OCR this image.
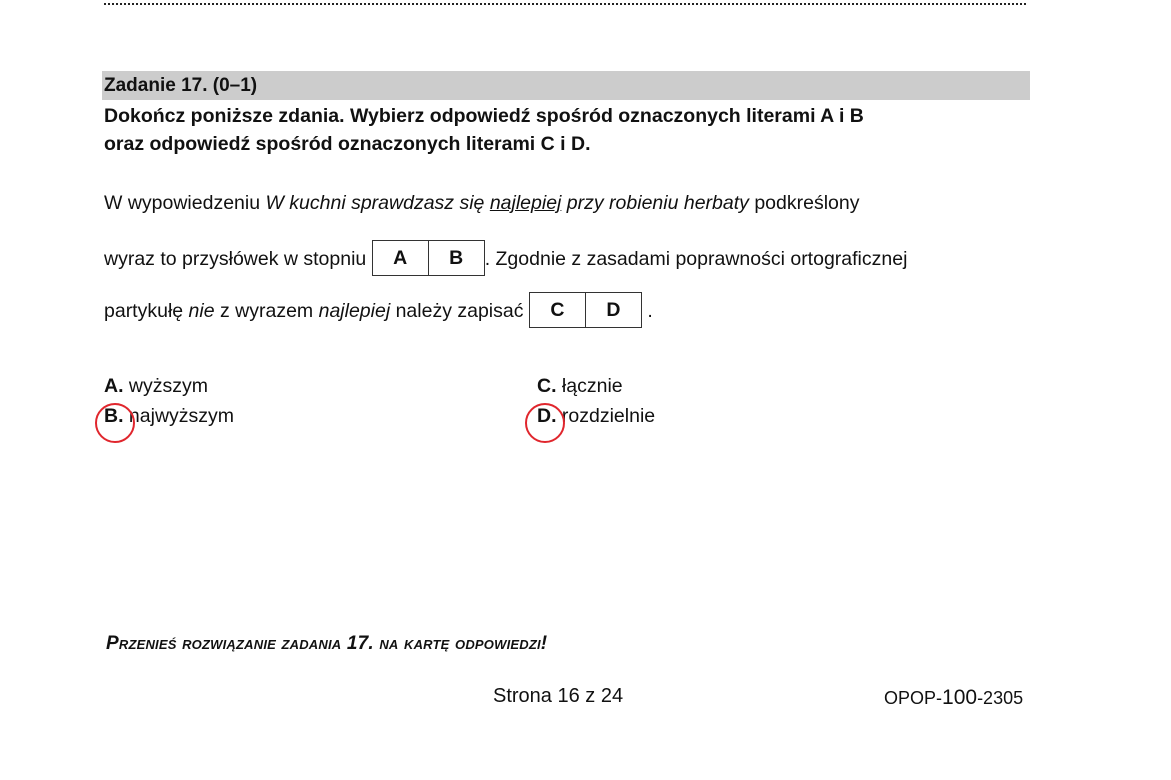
Zadanie 17. (0–1)
Dokończ poniższe zdania. Wybierz odpowiedź spośród oznaczonych literami A i B
oraz odpowiedź spośród oznaczonych literami C i D.
W wypowiedzeniu W kuchni sprawdzasz się najlepiej przy robieniu herbaty podkreślony
wyraz to przysłówek w stopniu	A	B	. Zgodnie z zasadami poprawności ortograficznej
partykułę nie z wyrazem najlepiej należy zapisać	C	D	.
A. wyższym
B. najwyższym
C. łącznie
D. rozdzielnie
Przenieś rozwiązanie zadania 17. na kartę odpowiedzi!
Strona 16 z 24	OPOP-100-2305
